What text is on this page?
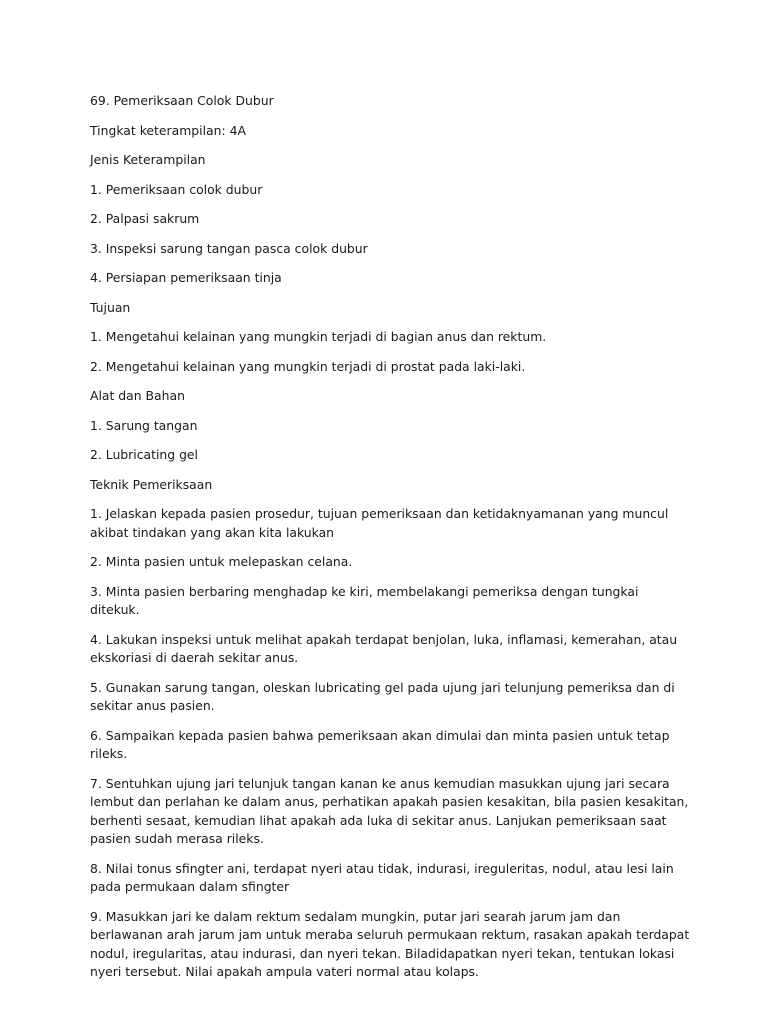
69. Pemeriksaan Colok Dubur

Tingkat keterampilan: 4A

Jenis Keterampilan

1. Pemeriksaan colok dubur

2. Palpasi sakrum

3. Inspeksi sarung tangan pasca colok dubur

4. Persiapan pemeriksaan tinja

Tujuan

1. Mengetahui kelainan yang mungkin terjadi di bagian anus dan rektum.

2. Mengetahui kelainan yang mungkin terjadi di prostat pada laki-laki.

Alat dan Bahan

1. Sarung tangan

2. Lubricating gel

Teknik Pemeriksaan

1. Jelaskan kepada pasien prosedur, tujuan pemeriksaan dan ketidaknyamanan yang muncul akibat tindakan yang akan kita lakukan

2. Minta pasien untuk melepaskan celana.

3. Minta pasien berbaring menghadap ke kiri, membelakangi pemeriksa dengan tungkai ditekuk.

4. Lakukan inspeksi untuk melihat apakah terdapat benjolan, luka, inflamasi, kemerahan, atau ekskoriasi di daerah sekitar anus.

5. Gunakan sarung tangan, oleskan lubricating gel pada ujung jari telunjung pemeriksa dan di sekitar anus pasien.

6. Sampaikan kepada pasien bahwa pemeriksaan akan dimulai dan minta pasien untuk tetap rileks.

7. Sentuhkan ujung jari telunjuk tangan kanan ke anus kemudian masukkan ujung jari secara lembut dan perlahan ke dalam anus, perhatikan apakah pasien kesakitan, bila pasien kesakitan, berhenti sesaat, kemudian lihat apakah ada luka di sekitar anus. Lanjukan pemeriksaan saat pasien sudah merasa rileks.

8. Nilai tonus sfingter ani, terdapat nyeri atau tidak, indurasi, ireguleritas, nodul, atau lesi lain pada permukaan dalam sfingter

9. Masukkan jari ke dalam rektum sedalam mungkin, putar jari searah jarum jam dan berlawanan arah jarum jam untuk meraba seluruh permukaan rektum, rasakan apakah terdapat nodul, iregularitas, atau indurasi, dan nyeri tekan. Biladidapatkan nyeri tekan, tentukan lokasi nyeri tersebut. Nilai apakah ampula vateri normal atau kolaps.
